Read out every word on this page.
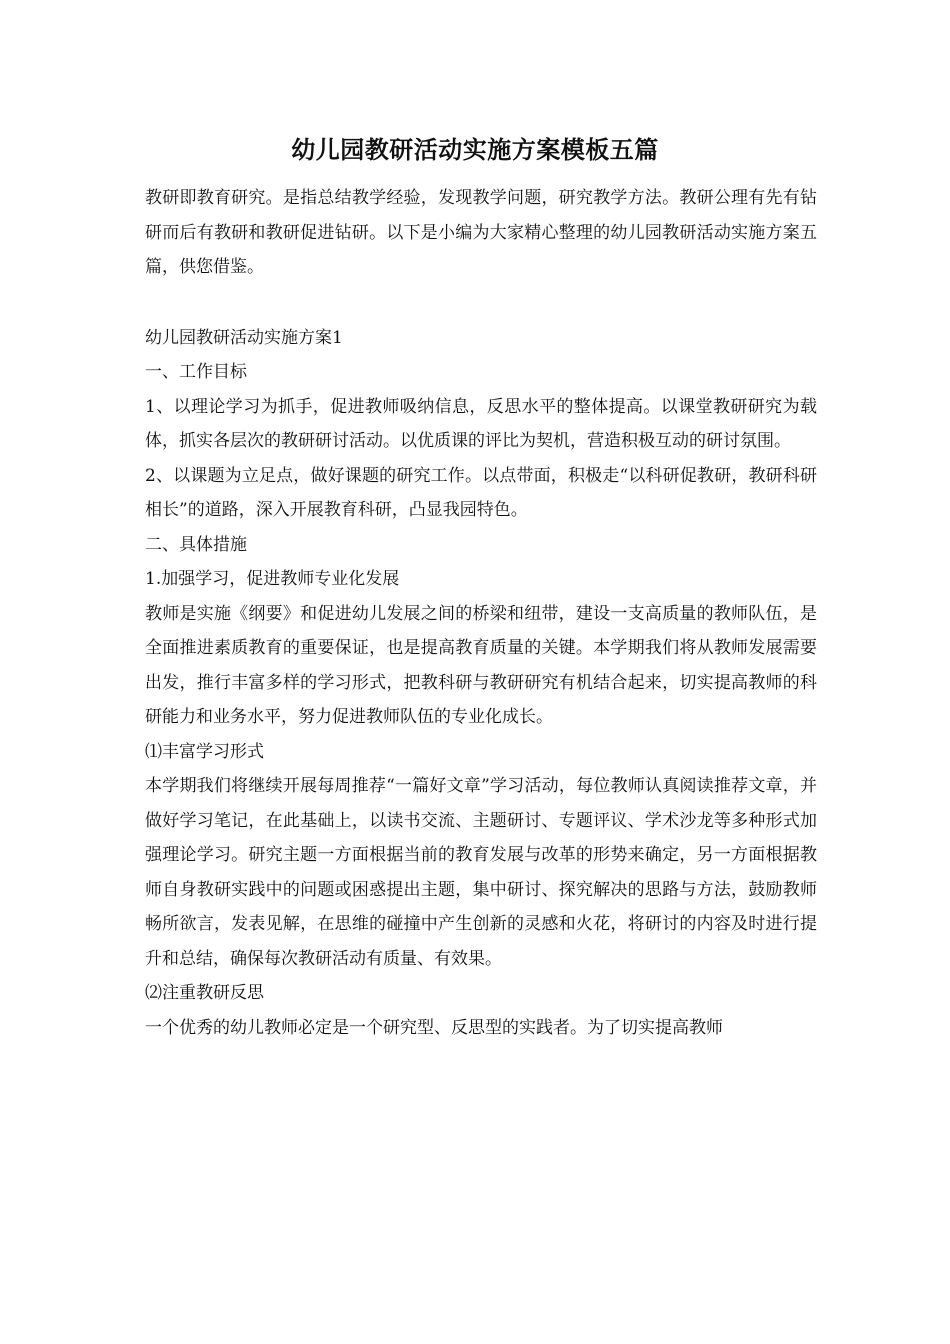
幼儿园教研活动实施方案模板五篇

教研即教育研究。是指总结教学经验，发现教学问题，研究教学方法。教研公理有先有钻研而后有教研和教研促进钻研。以下是小编为大家精心整理的幼儿园教研活动实施方案五篇，供您借鉴。

幼儿园教研活动实施方案1

一、工作目标

1、以理论学习为抓手，促进教师吸纳信息，反思水平的整体提高。以课堂教研研究为载体，抓实各层次的教研研讨活动。以优质课的评比为契机，营造积极互动的研讨氛围。

2、以课题为立足点，做好课题的研究工作。以点带面，积极走“以科研促教研，教研科研相长”的道路，深入开展教育科研，凸显我园特色。

二、具体措施

1.加强学习，促进教师专业化发展

教师是实施《纲要》和促进幼儿发展之间的桥梁和纽带，建设一支高质量的教师队伍，是全面推进素质教育的重要保证，也是提高教育质量的关键。本学期我们将从教师发展需要出发，推行丰富多样的学习形式，把教科研与教研研究有机结合起来，切实提高教师的科研能力和业务水平，努力促进教师队伍的专业化成长。

⑴丰富学习形式

本学期我们将继续开展每周推荐“一篇好文章”学习活动，每位教师认真阅读推荐文章，并做好学习笔记，在此基础上，以读书交流、主题研讨、专题评议、学术沙龙等多种形式加强理论学习。研究主题一方面根据当前的教育发展与改革的形势来确定，另一方面根据教师自身教研实践中的问题或困惑提出主题，集中研讨、探究解决的思路与方法，鼓励教师畅所欲言，发表见解，在思维的碰撞中产生创新的灵感和火花，将研讨的内容及时进行提升和总结，确保每次教研活动有质量、有效果。

⑵注重教研反思

一个优秀的幼儿教师必定是一个研究型、反思型的实践者。为了切实提高教师
